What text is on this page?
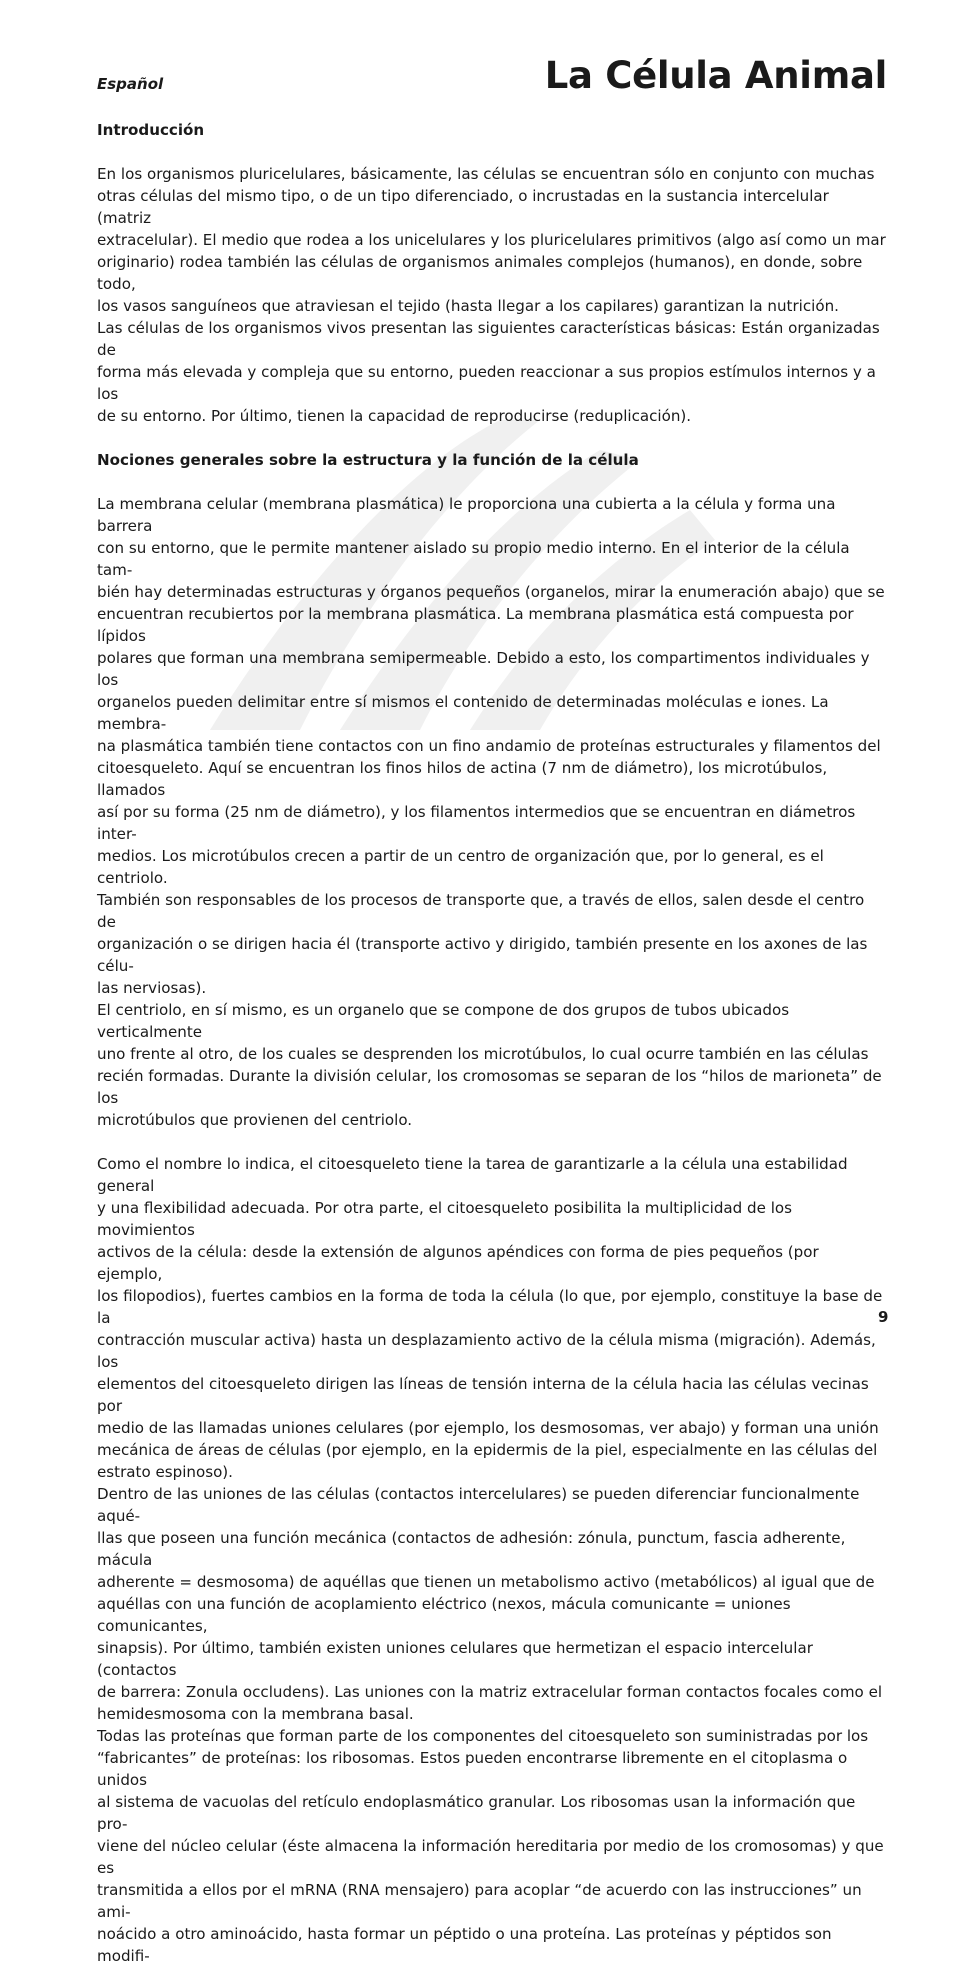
Español	La Célula Animal

Introducción

En los organismos pluricelulares, básicamente, las células se encuentran sólo en conjunto con muchas

otras células del mismo tipo, o de un tipo diferenciado, o incrustadas en la sustancia intercelular (matriz

extracelular). El medio que rodea a los unicelulares y los pluricelulares primitivos (algo así como un mar

originario) rodea también las células de organismos animales complejos (humanos), en donde, sobre todo,

los vasos sanguíneos que atraviesan el tejido (hasta llegar a los capilares) garantizan la nutrición.

Las células de los organismos vivos presentan las siguientes características básicas: Están organizadas de

forma más elevada y compleja que su entorno, pueden reaccionar a sus propios estímulos internos y a los

de su entorno. Por último, tienen la capacidad de reproducirse (reduplicación).

Nociones generales sobre la estructura y la función de la célula

La membrana celular (membrana plasmática) le proporciona una cubierta a la célula y forma una barrera

con su entorno, que le permite mantener aislado su propio medio interno. En el interior de la célula tam-

bién hay determinadas estructuras y órganos pequeños (organelos, mirar la enumeración abajo) que se

encuentran recubiertos por la membrana plasmática. La membrana plasmática está compuesta por lípidos

polares que forman una membrana semipermeable. Debido a esto, los compartimentos individuales y los

organelos pueden delimitar entre sí mismos el contenido de determinadas moléculas e iones. La membra-

na plasmática también tiene contactos con un fino andamio de proteínas estructurales y filamentos del

citoesqueleto. Aquí se encuentran los finos hilos de actina (7 nm de diámetro), los microtúbulos, llamados

así por su forma (25 nm de diámetro), y los filamentos intermedios que se encuentran en diámetros inter-

medios. Los microtúbulos crecen a partir de un centro de organización que, por lo general, es el centriolo.

También son responsables de los procesos de transporte que, a través de ellos, salen desde el centro de

organización o se dirigen hacia él (transporte activo y dirigido, también presente en los axones de las célu-

las nerviosas).

El centriolo, en sí mismo, es un organelo que se compone de dos grupos de tubos ubicados verticalmente

uno frente al otro, de los cuales se desprenden los microtúbulos, lo cual ocurre también en las células

recién formadas. Durante la división celular, los cromosomas se separan de los “hilos de marioneta” de los

microtúbulos que provienen del centriolo.

Como el nombre lo indica, el citoesqueleto tiene la tarea de garantizarle a la célula una estabilidad general

y una flexibilidad adecuada. Por otra parte, el citoesqueleto posibilita la multiplicidad de los movimientos

activos de la célula: desde la extensión de algunos apéndices con forma de pies pequeños (por ejemplo,

los filopodios), fuertes cambios en la forma de toda la célula (lo que, por ejemplo, constituye la base de la

contracción muscular activa) hasta un desplazamiento activo de la célula misma (migración). Además, los

elementos del citoesqueleto dirigen las líneas de tensión interna de la célula hacia las células vecinas por

medio de las llamadas uniones celulares (por ejemplo, los desmosomas, ver abajo) y forman una unión

mecánica de áreas de células (por ejemplo, en la epidermis de la piel, especialmente en las células del

estrato espinoso).

Dentro de las uniones de las células (contactos intercelulares) se pueden diferenciar funcionalmente aqué-

llas que poseen una función mecánica (contactos de adhesión: zónula, punctum, fascia adherente, mácula

adherente = desmosoma) de aquéllas que tienen un metabolismo activo (metabólicos) al igual que de

aquéllas con una función de acoplamiento eléctrico (nexos, mácula comunicante = uniones comunicantes,

sinapsis). Por último, también existen uniones celulares que hermetizan el espacio intercelular (contactos

de barrera: Zonula occludens). Las uniones con la matriz extracelular forman contactos focales como el

hemidesmosoma con la membrana basal.

Todas las proteínas que forman parte de los componentes del citoesqueleto son suministradas por los

“fabricantes” de proteínas: los ribosomas. Estos pueden encontrarse libremente en el citoplasma o unidos

al sistema de vacuolas del retículo endoplasmático granular. Los ribosomas usan la información que pro-

viene del núcleo celular (éste almacena la información hereditaria por medio de los cromosomas) y que es

transmitida a ellos por el mRNA (RNA mensajero) para acoplar “de acuerdo con las instrucciones” un ami-

noácido a otro aminoácido, hasta formar un péptido o una proteína. Las proteínas y péptidos son modifi-

9
